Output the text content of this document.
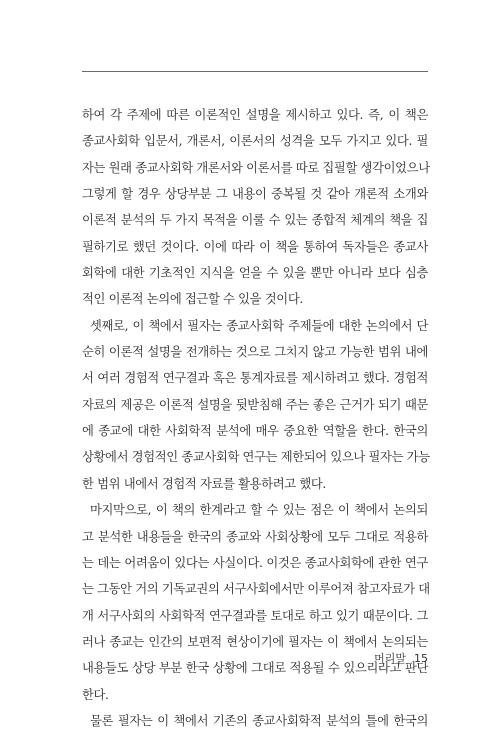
하여 각 주제에 따른 이론적인 설명을 제시하고 있다. 즉, 이 책은
종교사회학 입문서, 개론서, 이론서의 성격을 모두 가지고 있다. 필
자는 원래 종교사회학 개론서와 이론서를 따로 집필할 생각이었으나
그렇게 할 경우 상당부분 그 내용이 중복될 것 같아 개론적 소개와
이론적 분석의 두 가지 목적을 이룰 수 있는 종합적 체계의 책을 집
필하기로 했던 것이다. 이에 따라 이 책을 통하여 독자들은 종교사
회학에 대한 기초적인 지식을 얻을 수 있을 뿐만 아니라 보다 심층
적인 이론적 논의에 접근할 수 있을 것이다.
셋째로, 이 책에서 필자는 종교사회학 주제들에 대한 논의에서 단
순히 이론적 설명을 전개하는 것으로 그치지 않고 가능한 범위 내에
서 여러 경험적 연구결과 혹은 통계자료를 제시하려고 했다. 경험적
자료의 제공은 이론적 설명을 뒷받침해 주는 좋은 근거가 되기 때문
에 종교에 대한 사회학적 분석에 매우 중요한 역할을 한다. 한국의
상황에서 경험적인 종교사회학 연구는 제한되어 있으나 필자는 가능
한 범위 내에서 경험적 자료를 활용하려고 했다.
마지막으로, 이 책의 한계라고 할 수 있는 점은 이 책에서 논의되
고 분석한 내용들을 한국의 종교와 사회상황에 모두 그대로 적용하
는 데는 어려움이 있다는 사실이다. 이것은 종교사회학에 관한 연구
는 그동안 거의 기독교권의 서구사회에서만 이루어져 참고자료가 대
개 서구사회의 사회학적 연구결과를 토대로 하고 있기 때문이다. 그
러나 종교는 인간의 보편적 현상이기에 필자는 이 책에서 논의되는
내용들도 상당 부분 한국 상황에 그대로 적용될 수 있으리라고 판단
한다.
물론 필자는 이 책에서 기존의 종교사회학적 분석의 틀에 한국의
머리말 15
